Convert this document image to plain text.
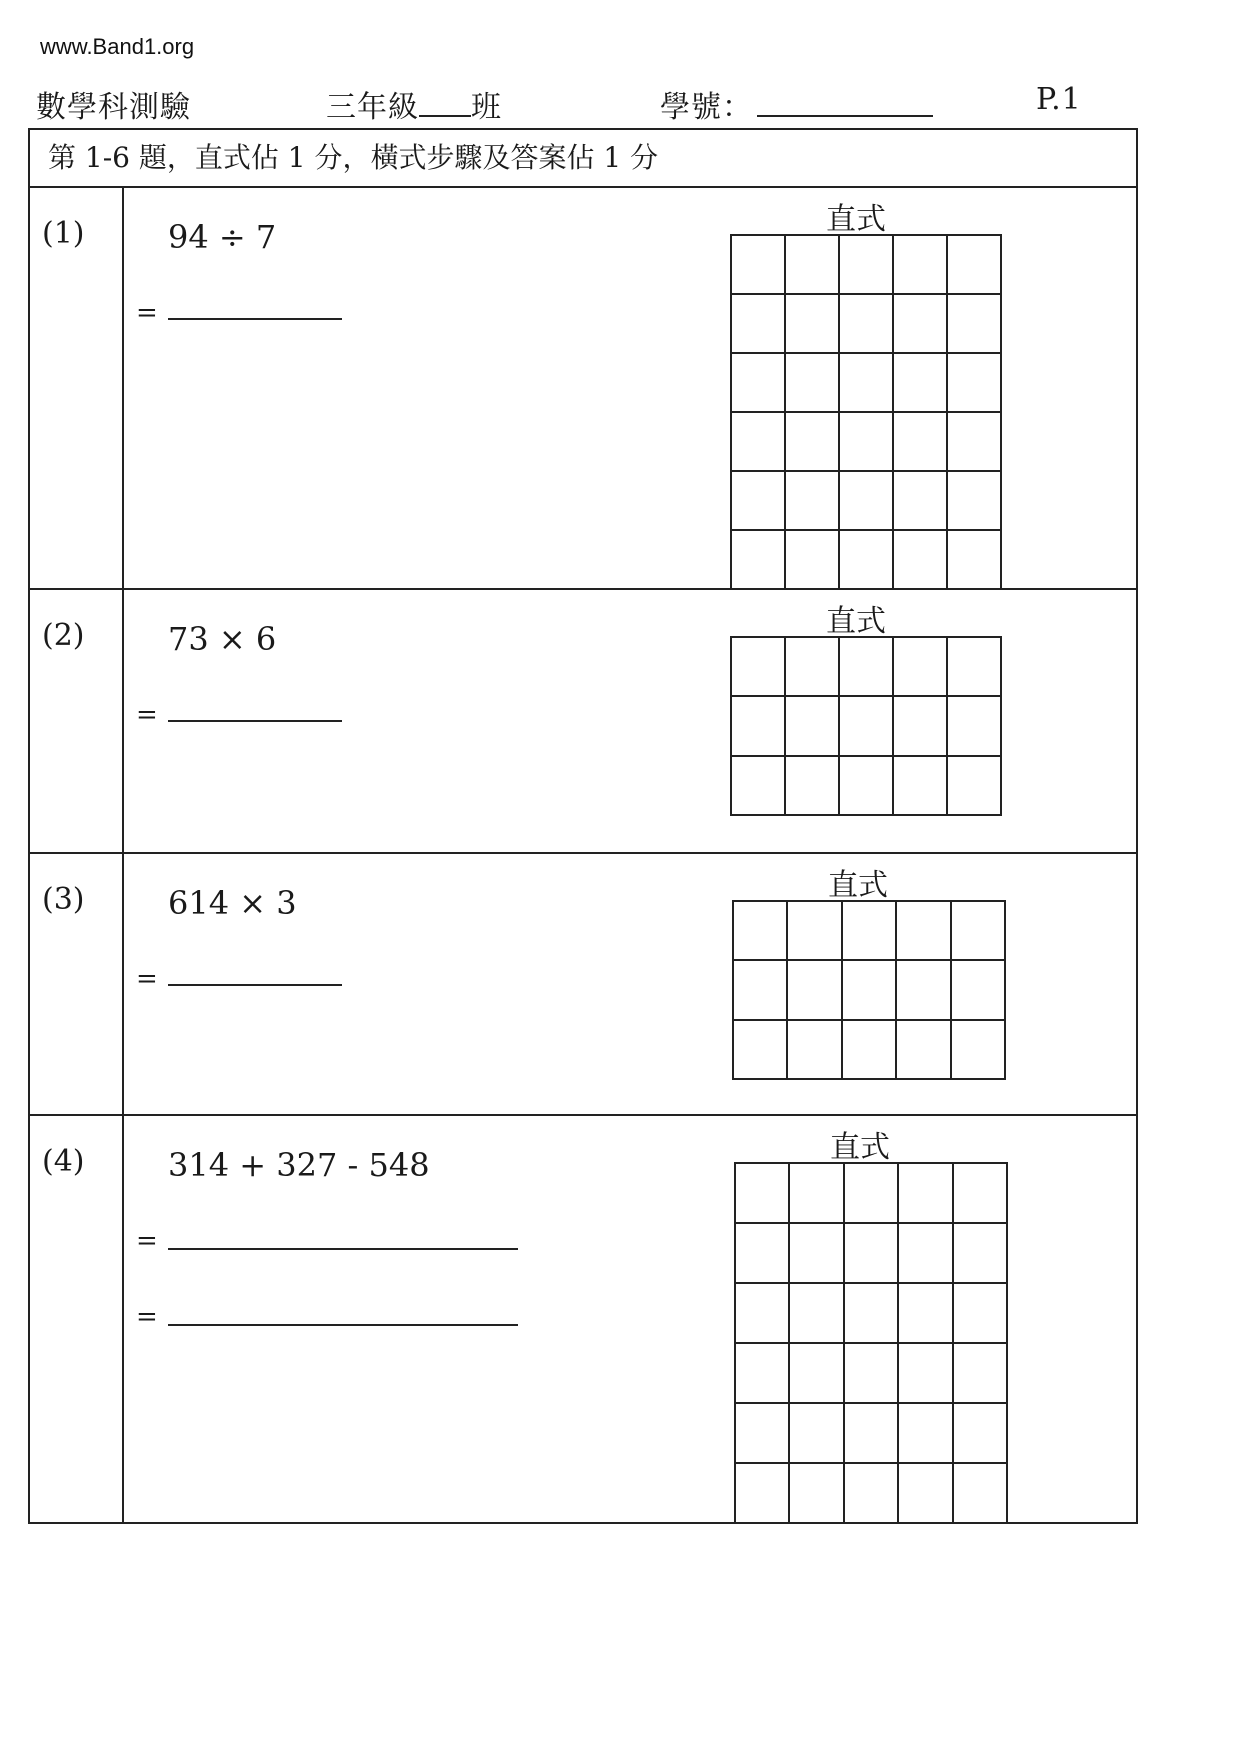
www.Band1.org
數學科測驗	三年級 班	學號：	P.1
第 1-6 題，直式佔 1 分，橫式步驟及答案佔 1 分
(1)	94 ÷ 7
=
直式
(2)	73 × 6
=
直式
(3)	614 × 3
=
直式
(4)	314 + 327 - 548
=
=
直式
